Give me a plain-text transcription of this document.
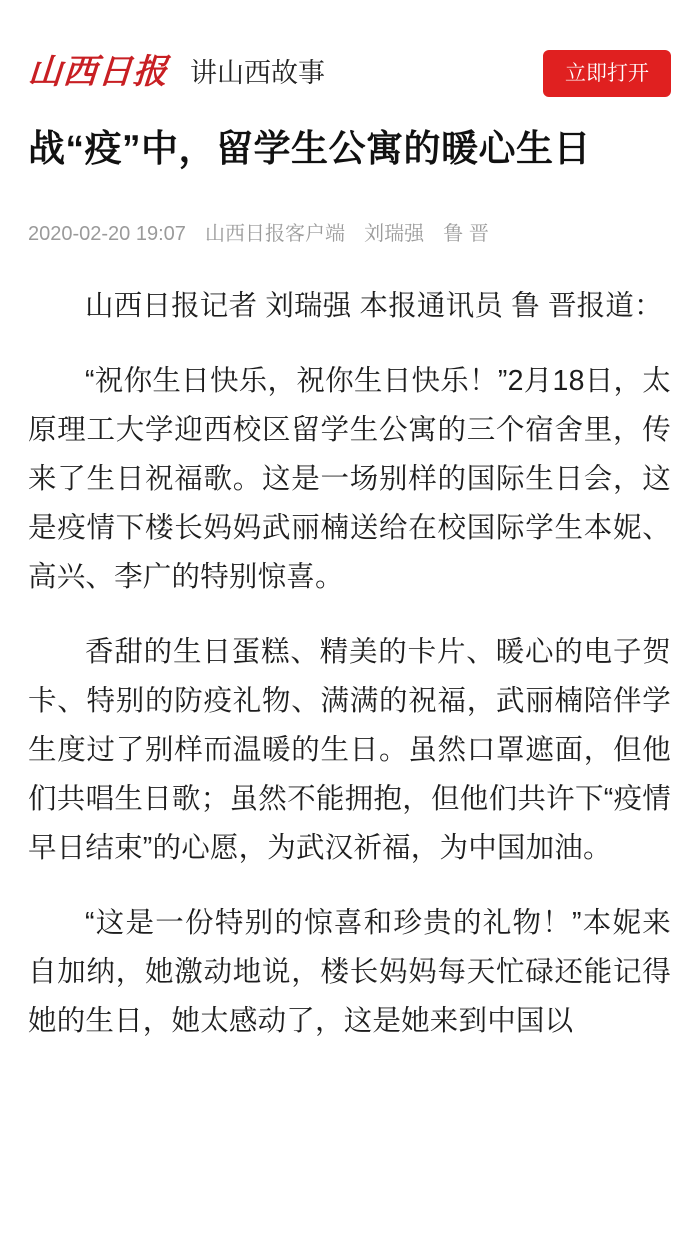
山西日报 讲山西故事	立即打开
战“疫”中，留学生公寓的暖心生日
2020-02-20 19:07 山西日报客户端 刘瑞强 鲁 晋

山西日报记者 刘瑞强 本报通讯员 鲁 晋报道：

“祝你生日快乐，祝你生日快乐！”2月18日，太原理工大学迎西校区留学生公寓的三个宿舍里，传来了生日祝福歌。这是一场别样的国际生日会，这是疫情下楼长妈妈武丽楠送给在校国际学生本妮、高兴、李广的特别惊喜。

香甜的生日蛋糕、精美的卡片、暖心的电子贺卡、特别的防疫礼物、满满的祝福，武丽楠陪伴学生度过了别样而温暖的生日。虽然口罩遮面，但他们共唱生日歌；虽然不能拥抱，但他们共许下“疫情早日结束”的心愿，为武汉祈福，为中国加油。

“这是一份特别的惊喜和珍贵的礼物！”本妮来自加纳，她激动地说，楼长妈妈每天忙碌还能记得她的生日，她太感动了，这是她来到中国以
